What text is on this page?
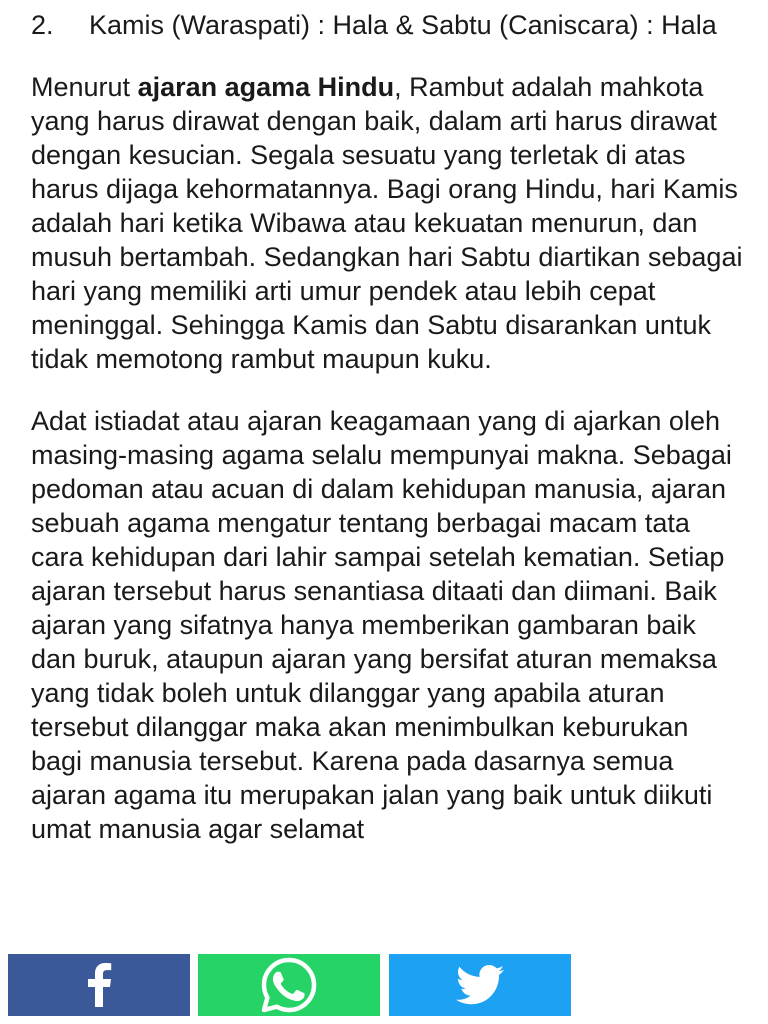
2. Kamis (Waraspati) : Hala & Sabtu (Caniscara) : Hala

Menurut ajaran agama Hindu, Rambut adalah mahkota yang harus dirawat dengan baik, dalam arti harus dirawat dengan kesucian. Segala sesuatu yang terletak di atas harus dijaga kehormatannya. Bagi orang Hindu, hari Kamis adalah hari ketika Wibawa atau kekuatan menurun, dan musuh bertambah. Sedangkan hari Sabtu diartikan sebagai hari yang memiliki arti umur pendek atau lebih cepat meninggal. Sehingga Kamis dan Sabtu disarankan untuk tidak memotong rambut maupun kuku.

Adat istiadat atau ajaran keagamaan yang di ajarkan oleh masing-masing agama selalu mempunyai makna. Sebagai pedoman atau acuan di dalam kehidupan manusia, ajaran sebuah agama mengatur tentang berbagai macam tata cara kehidupan dari lahir sampai setelah kematian. Setiap ajaran tersebut harus senantiasa ditaati dan diimani. Baik ajaran yang sifatnya hanya memberikan gambaran baik dan buruk, ataupun ajaran yang bersifat aturan memaksa yang tidak boleh untuk dilanggar yang apabila aturan tersebut dilanggar maka akan menimbulkan keburukan bagi manusia tersebut. Karena pada dasarnya semua ajaran agama itu merupakan jalan yang baik untuk diikuti umat manusia agar selamat
